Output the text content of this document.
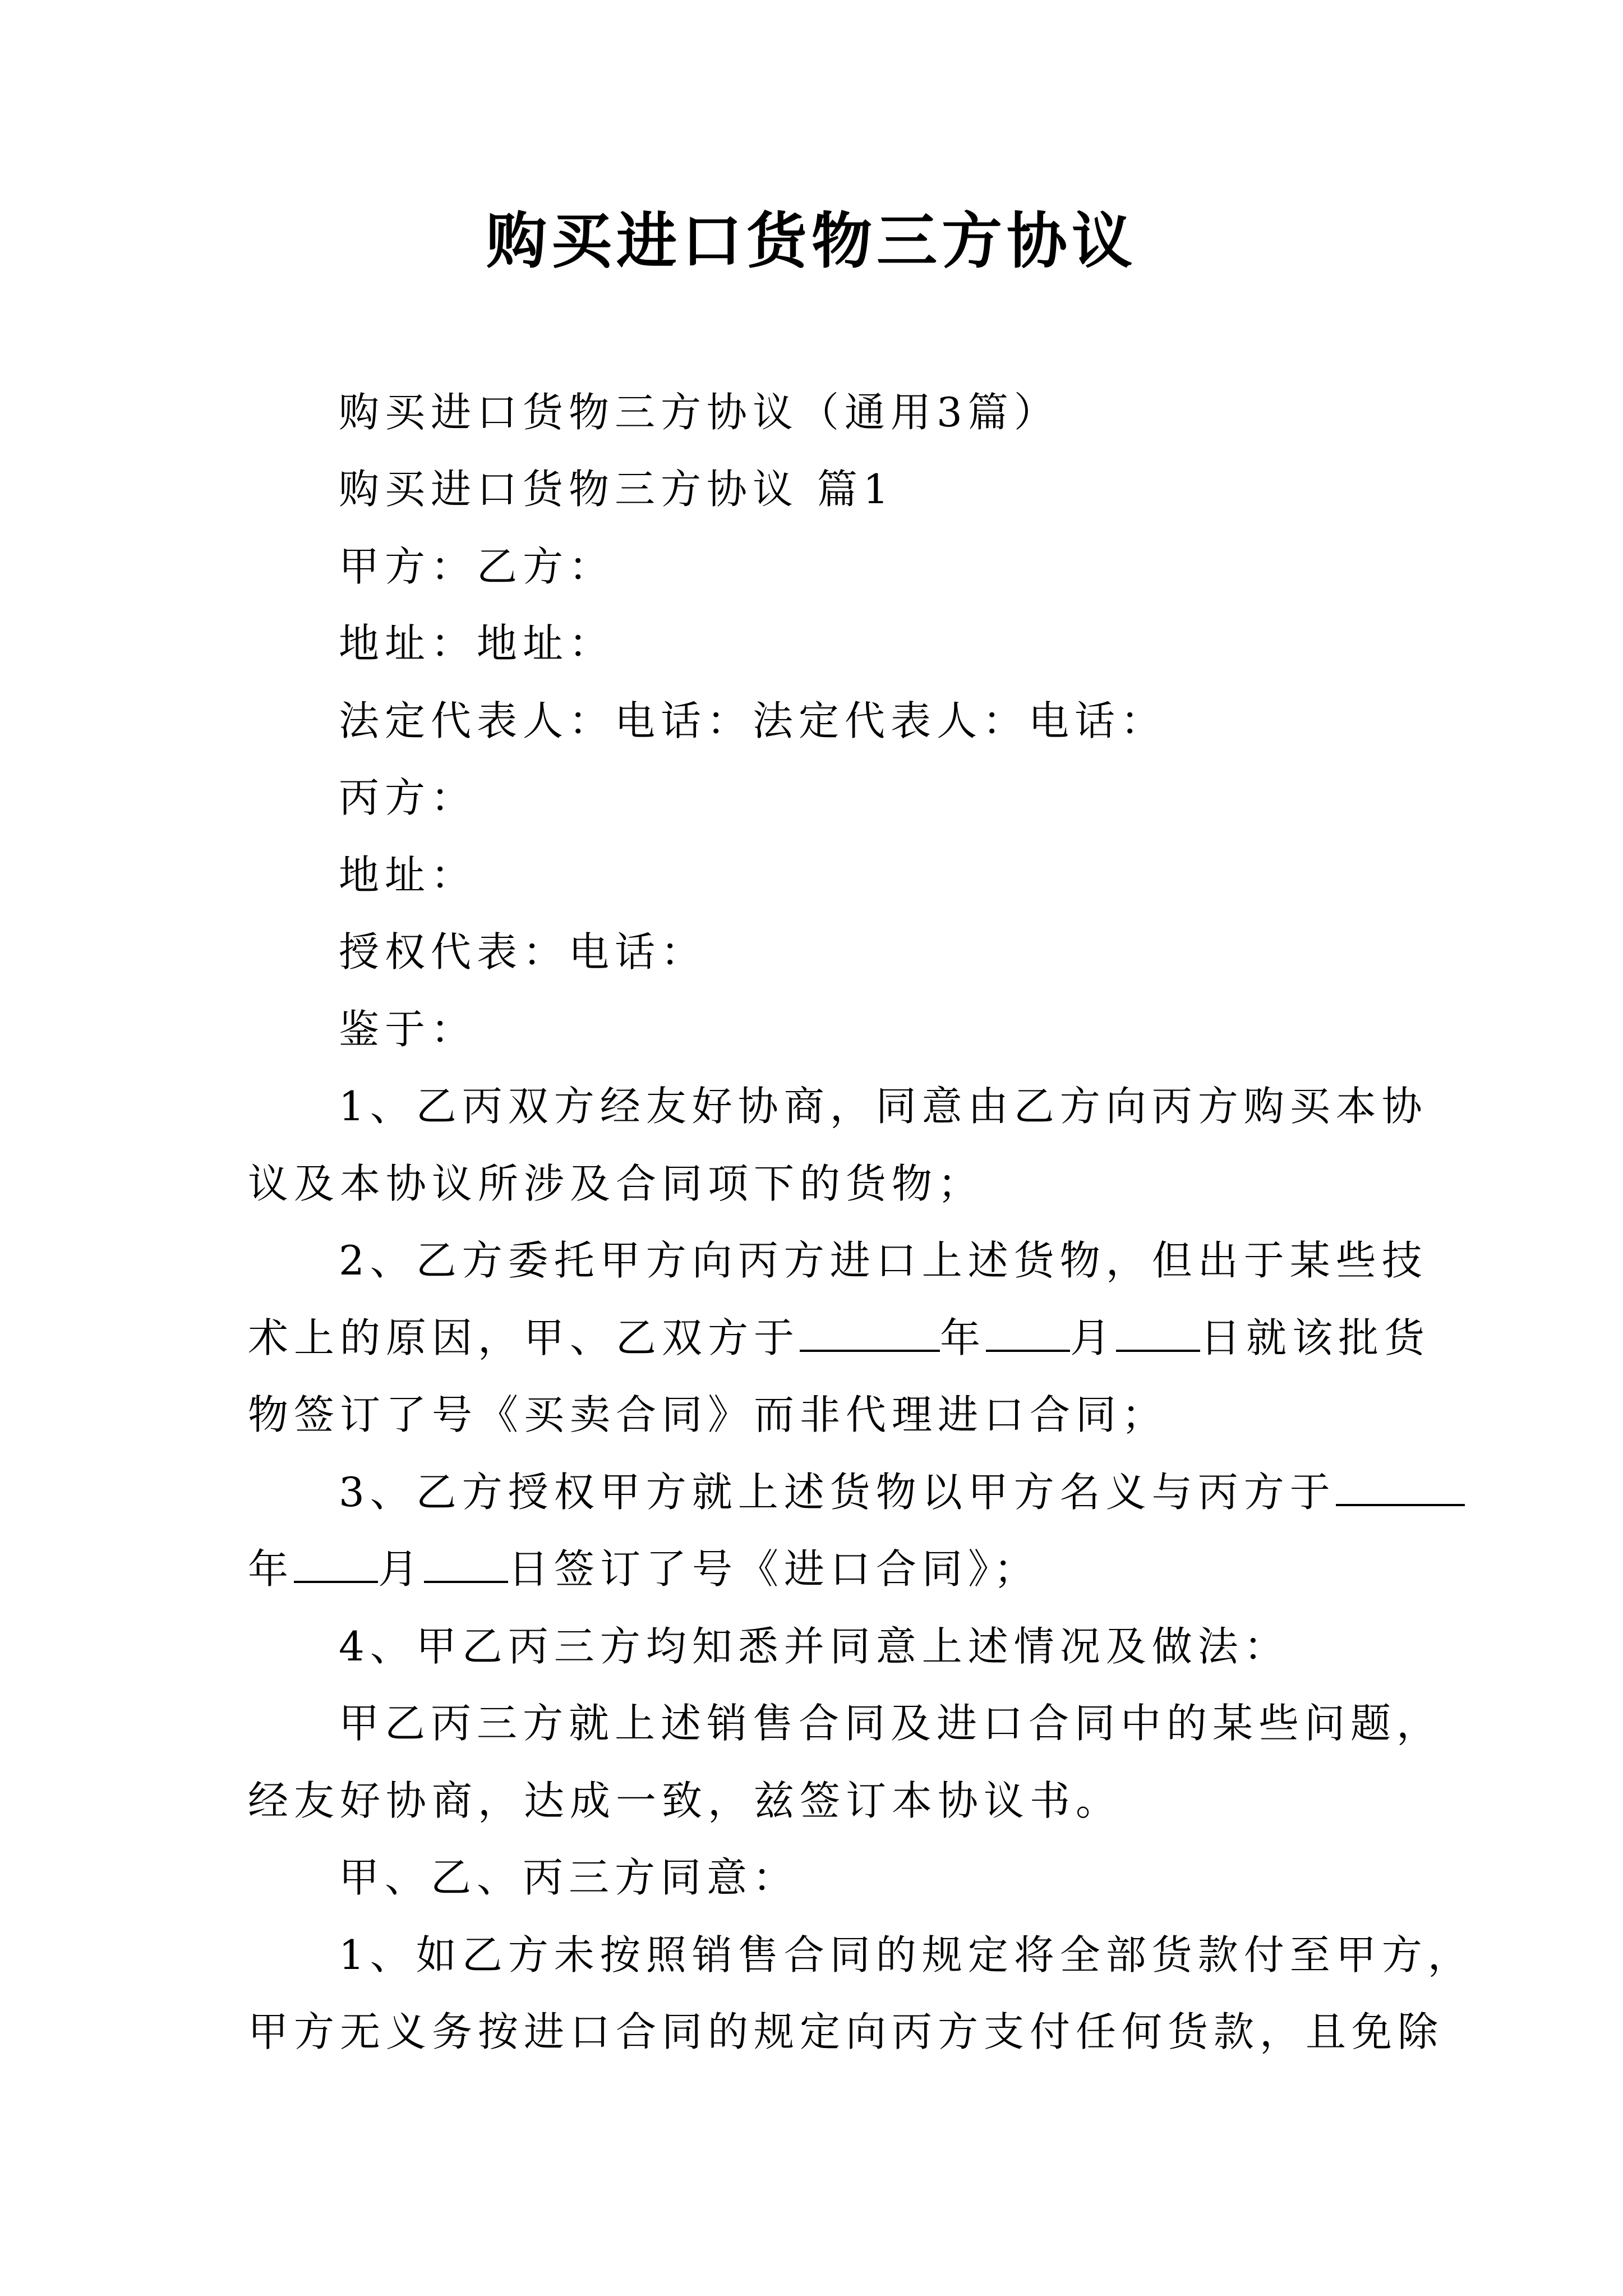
购买进口货物三方协议
购买进口货物三方协议（通用3篇）
购买进口货物三方协议 篇1
甲方：乙方：
地址：地址：
法定代表人：电话：法定代表人：电话：
丙方：
地址：
授权代表：电话：
鉴于：
1、乙丙双方经友好协商，同意由乙方向丙方购买本协
议及本协议所涉及合同项下的货物；
2、乙方委托甲方向丙方进口上述货物，但出于某些技
术上的原因，甲、乙双方于	年 月 日就该批货
物签订了号《买卖合同》而非代理进口合同；
3、乙方授权甲方就上述货物以甲方名义与丙方于
年 月 日签订了号《进口合同》；
4、甲乙丙三方均知悉并同意上述情况及做法：
甲乙丙三方就上述销售合同及进口合同中的某些问题，
经友好协商，达成一致，兹签订本协议书。
甲、乙、丙三方同意：
1、如乙方未按照销售合同的规定将全部货款付至甲方，
甲方无义务按进口合同的规定向丙方支付任何货款，且免除
